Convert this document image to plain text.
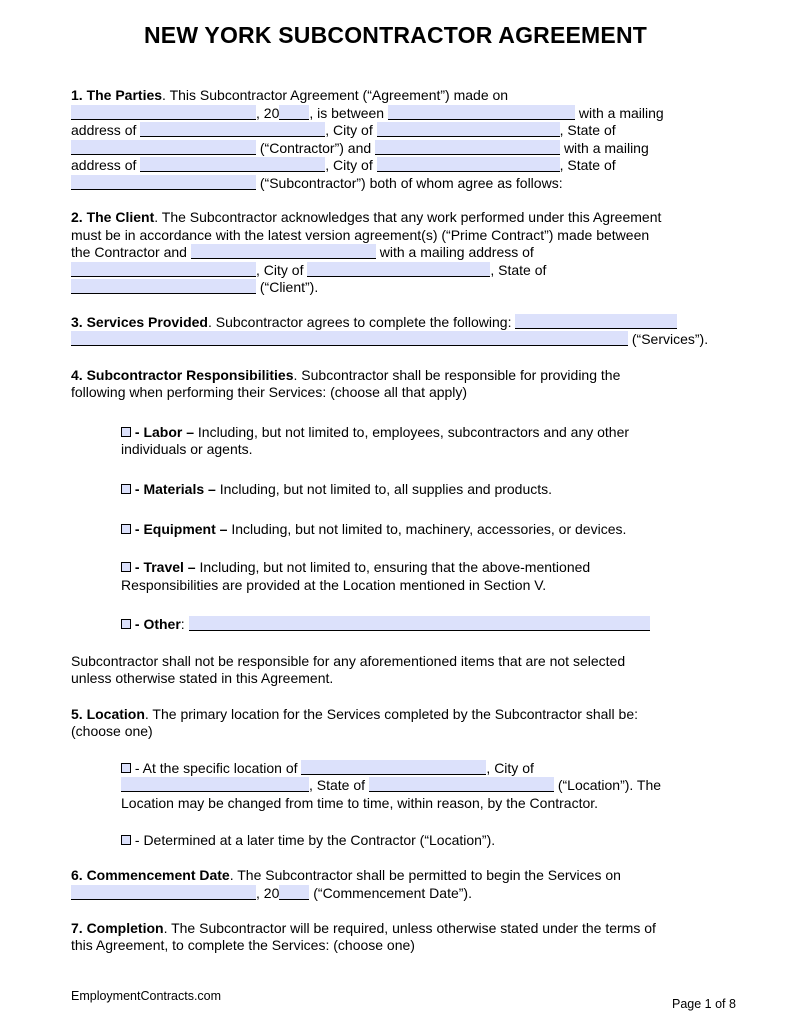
NEW YORK SUBCONTRACTOR AGREEMENT
1. The Parties. This Subcontractor Agreement (“Agreement”) made on
, 20 , is between	with a mailing
address of	, City of	, State of
(“Contractor”) and	with a mailing
address of	, City of	, State of
(“Subcontractor”) both of whom agree as follows:
2. The Client. The Subcontractor acknowledges that any work performed under this Agreement
must be in accordance with the latest version agreement(s) (“Prime Contract”) made between
the Contractor and	with a mailing address of
, City of	, State of
(“Client”).
3. Services Provided. Subcontractor agrees to complete the following:
(“Services”).
4. Subcontractor Responsibilities. Subcontractor shall be responsible for providing the
following when performing their Services: (choose all that apply)
- Labor – Including, but not limited to, employees, subcontractors and any other
individuals or agents.
- Materials – Including, but not limited to, all supplies and products.
- Equipment – Including, but not limited to, machinery, accessories, or devices.
- Travel – Including, but not limited to, ensuring that the above-mentioned
Responsibilities are provided at the Location mentioned in Section V.
- Other:
Subcontractor shall not be responsible for any aforementioned items that are not selected
unless otherwise stated in this Agreement.
5. Location. The primary location for the Services completed by the Subcontractor shall be:
(choose one)
- At the specific location of	, City of
, State of	(“Location”). The
Location may be changed from time to time, within reason, by the Contractor.
- Determined at a later time by the Contractor (“Location”).
6. Commencement Date. The Subcontractor shall be permitted to begin the Services on
, 20 (“Commencement Date”).
7. Completion. The Subcontractor will be required, unless otherwise stated under the terms of
this Agreement, to complete the Services: (choose one)
EmploymentContracts.com
Page 1 of 8
